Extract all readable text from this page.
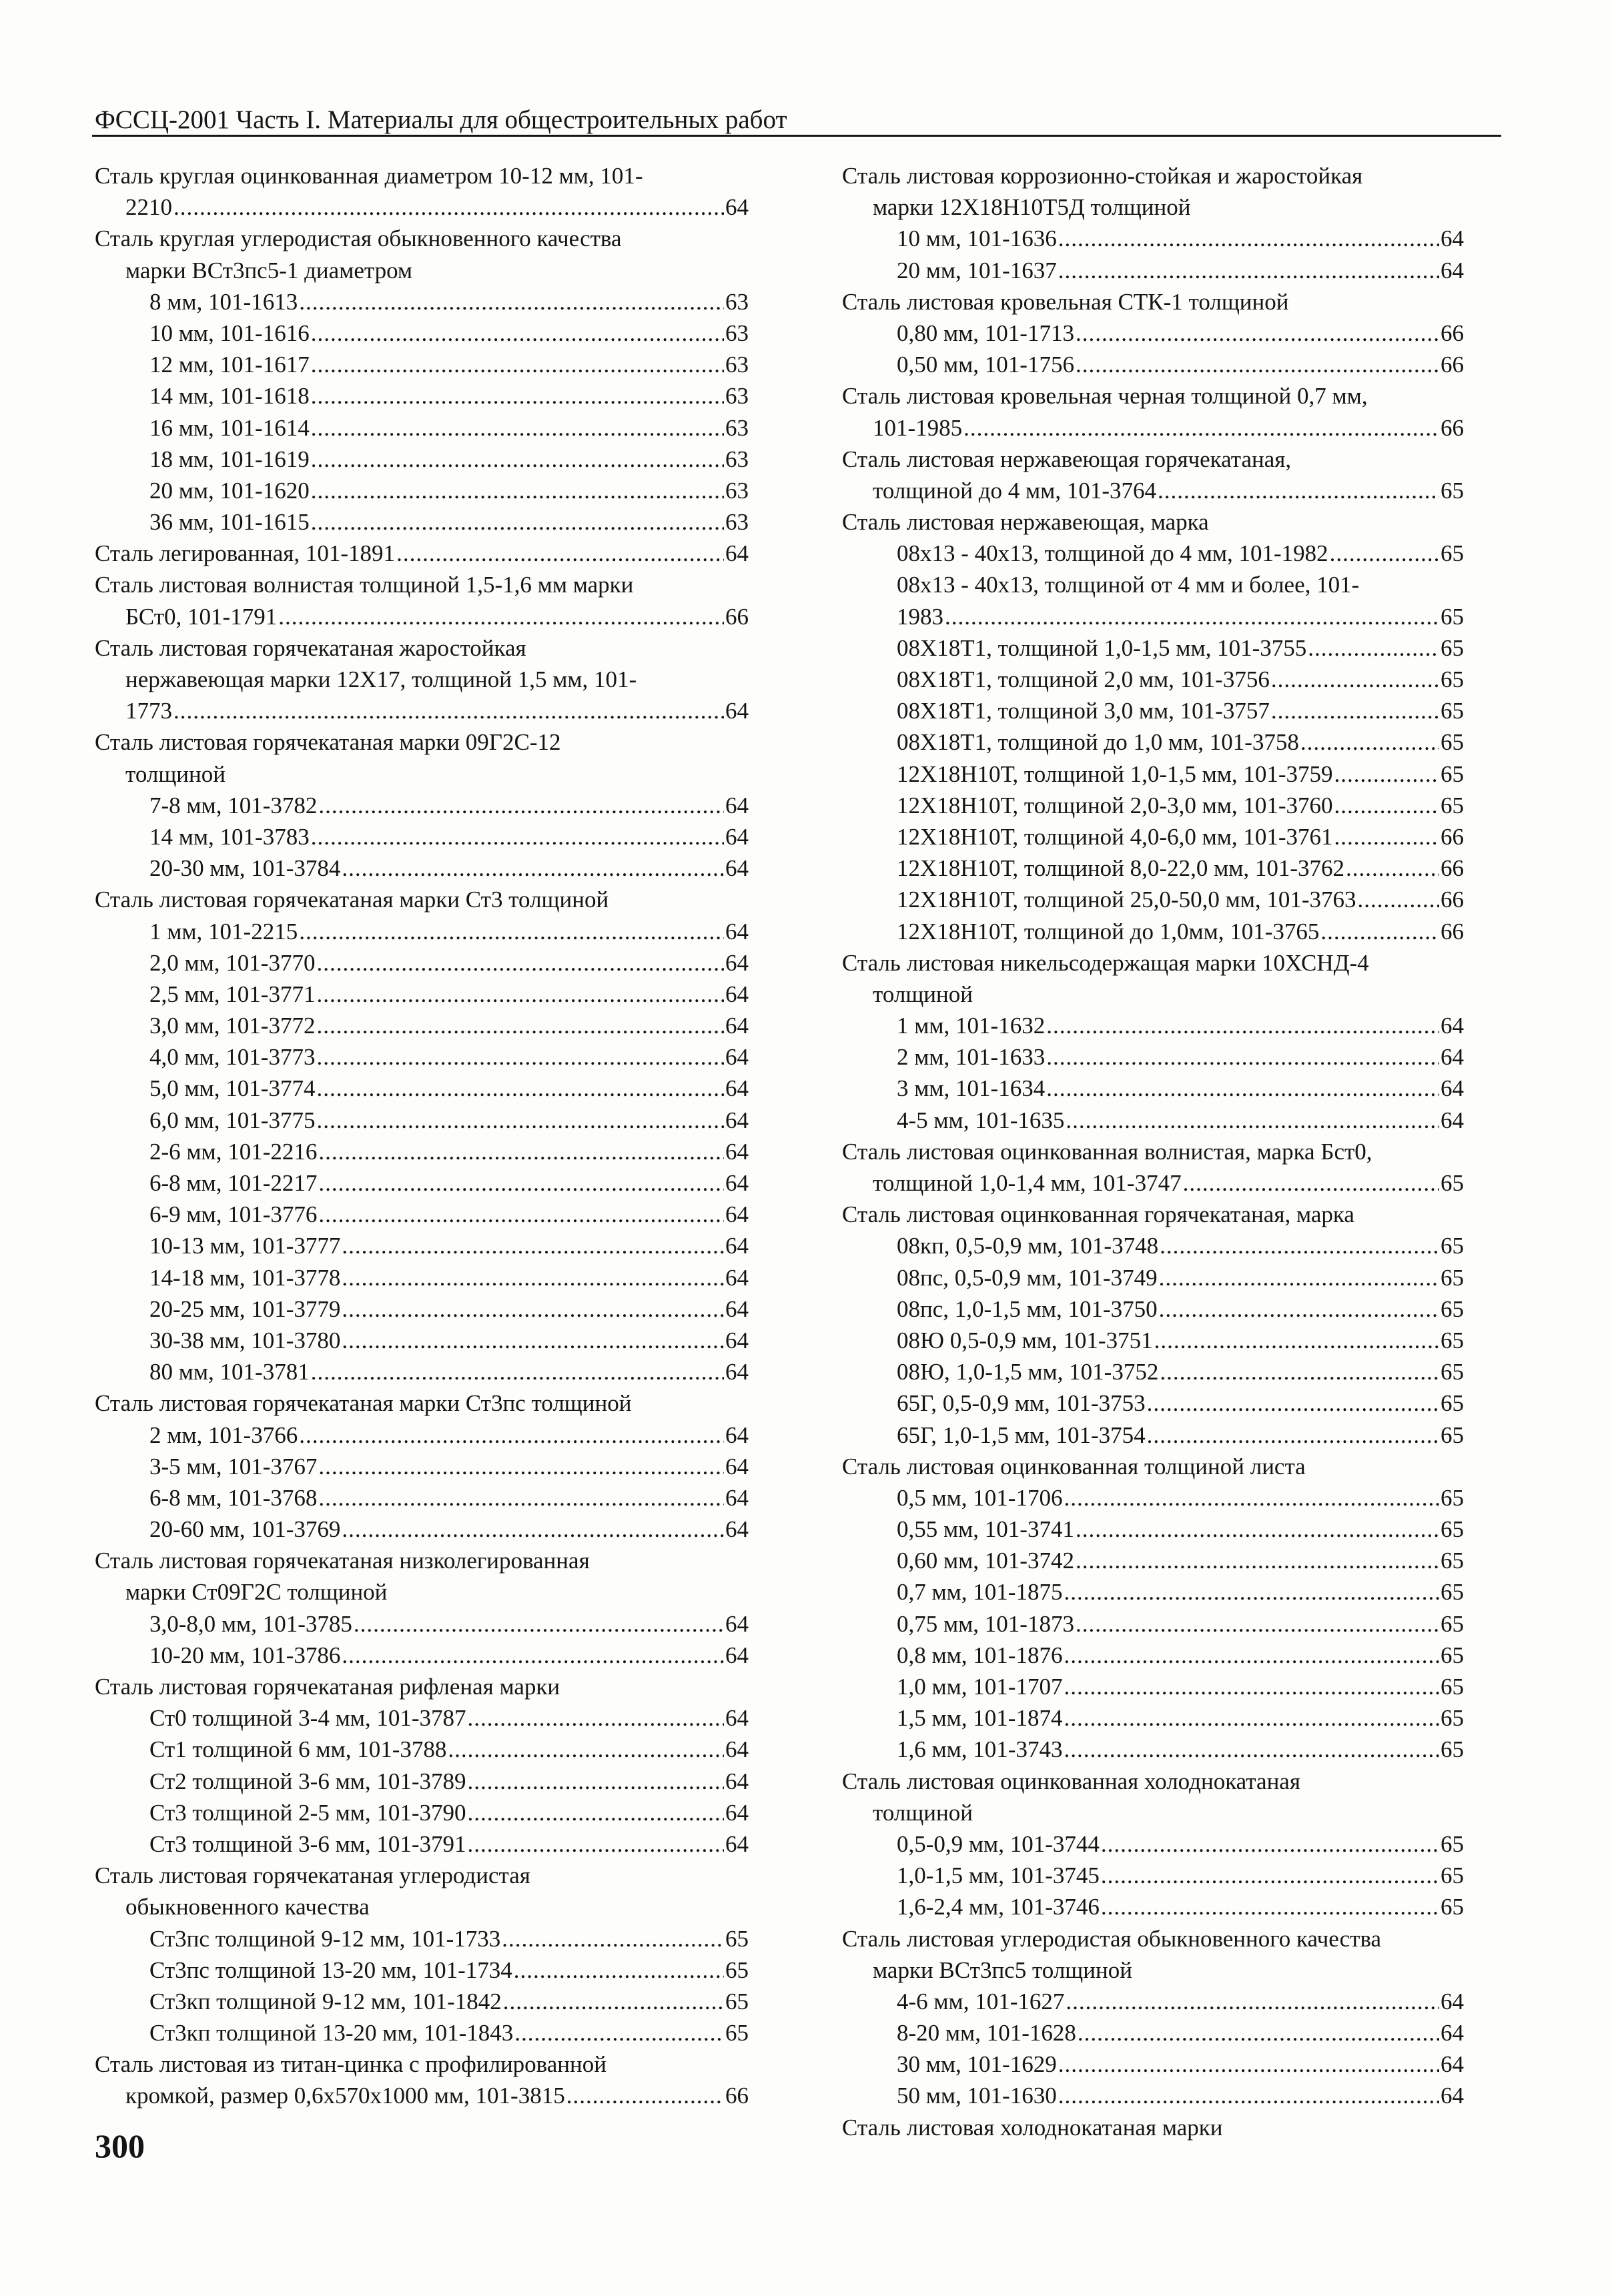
ФССЦ-2001 Часть I. Материалы для общестроительных работ
Сталь круглая оцинкованная диаметром 10-12 мм, 101-
2210 .....	64
Сталь круглая углеродистая обыкновенного качества
марки ВСт3пс5-1 диаметром
8 мм, 101-1613 .....	63
10 мм, 101-1616 .....	63
12 мм, 101-1617 .....	63
14 мм, 101-1618 .....	63
16 мм, 101-1614 .....	63
18 мм, 101-1619 .....	63
20 мм, 101-1620 .....	63
36 мм, 101-1615 .....	63
Сталь легированная, 101-1891 .....	64
Сталь листовая волнистая толщиной 1,5-1,6 мм марки
БСт0, 101-1791 .....	66
Сталь листовая горячекатаная жаростойкая
нержавеющая марки 12Х17, толщиной 1,5 мм, 101-
1773 .....	64
Сталь листовая горячекатаная марки 09Г2С-12
толщиной
7-8 мм, 101-3782 .....	64
14 мм, 101-3783 .....	64
20-30 мм, 101-3784 .....	64
Сталь листовая горячекатаная марки Ст3 толщиной
1 мм, 101-2215 .....	64
2,0 мм, 101-3770 .....	64
2,5 мм, 101-3771 .....	64
3,0 мм, 101-3772 .....	64
4,0 мм, 101-3773 .....	64
5,0 мм, 101-3774 .....	64
6,0 мм, 101-3775 .....	64
2-6 мм, 101-2216 .....	64
6-8 мм, 101-2217 .....	64
6-9 мм, 101-3776 .....	64
10-13 мм, 101-3777 .....	64
14-18 мм, 101-3778 .....	64
20-25 мм, 101-3779 .....	64
30-38 мм, 101-3780 .....	64
80 мм, 101-3781 .....	64
Сталь листовая горячекатаная марки Ст3пс толщиной
2 мм, 101-3766 .....	64
3-5 мм, 101-3767 .....	64
6-8 мм, 101-3768 .....	64
20-60 мм, 101-3769 .....	64
Сталь листовая горячекатаная низколегированная
марки Ст09Г2С толщиной
3,0-8,0 мм, 101-3785 .....	64
10-20 мм, 101-3786 .....	64
Сталь листовая горячекатаная рифленая марки
Ст0 толщиной 3-4 мм, 101-3787 .....	64
Ст1 толщиной 6 мм, 101-3788 .....	64
Ст2 толщиной 3-6 мм, 101-3789 .....	64
Ст3 толщиной 2-5 мм, 101-3790 .....	64
Ст3 толщиной 3-6 мм, 101-3791 .....	64
Сталь листовая горячекатаная углеродистая
обыкновенного качества
Ст3пс толщиной 9-12 мм, 101-1733 .....	65
Ст3пс толщиной 13-20 мм, 101-1734 .....	65
Ст3кп толщиной 9-12 мм, 101-1842 .....	65
Ст3кп толщиной 13-20 мм, 101-1843 .....	65
Сталь листовая из титан-цинка с профилированной
кромкой, размер 0,6х570х1000 мм, 101-3815 .....	66
Сталь листовая коррозионно-стойкая и жаростойкая
марки 12Х18Н10Т5Д толщиной
10 мм, 101-1636 .....	64
20 мм, 101-1637 .....	64
Сталь листовая кровельная СТК-1 толщиной
0,80 мм, 101-1713 .....	66
0,50 мм, 101-1756 .....	66
Сталь листовая кровельная черная толщиной 0,7 мм,
101-1985 .....	66
Сталь листовая нержавеющая горячекатаная,
толщиной до 4 мм, 101-3764 .....	65
Сталь листовая нержавеющая, марка
08х13 - 40х13, толщиной до 4 мм, 101-1982 .....	65
08х13 - 40х13, толщиной от 4 мм и более, 101-
1983 .....	65
08Х18Т1, толщиной 1,0-1,5 мм, 101-3755 .....	65
08Х18Т1, толщиной 2,0 мм, 101-3756 .....	65
08Х18Т1, толщиной 3,0 мм, 101-3757 .....	65
08Х18Т1, толщиной до 1,0 мм, 101-3758 .....	65
12Х18Н10Т, толщиной 1,0-1,5 мм, 101-3759 .....	65
12Х18Н10Т, толщиной 2,0-3,0 мм, 101-3760 .....	65
12Х18Н10Т, толщиной 4,0-6,0 мм, 101-3761 .....	66
12Х18Н10Т, толщиной 8,0-22,0 мм, 101-3762 .....	66
12Х18Н10Т, толщиной 25,0-50,0 мм, 101-3763 .....	66
12Х18Н10Т, толщиной до 1,0мм, 101-3765 .....	66
Сталь листовая никельсодержащая марки 10ХСНД-4
толщиной
1 мм, 101-1632 .....	64
2 мм, 101-1633 .....	64
3 мм, 101-1634 .....	64
4-5 мм, 101-1635 .....	64
Сталь листовая оцинкованная волнистая, марка Бст0,
толщиной 1,0-1,4 мм, 101-3747 .....	65
Сталь листовая оцинкованная горячекатаная, марка
08кп, 0,5-0,9 мм, 101-3748 .....	65
08пс, 0,5-0,9 мм, 101-3749 .....	65
08пс, 1,0-1,5 мм, 101-3750 .....	65
08Ю 0,5-0,9 мм, 101-3751 .....	65
08Ю, 1,0-1,5 мм, 101-3752 .....	65
65Г, 0,5-0,9 мм, 101-3753 .....	65
65Г, 1,0-1,5 мм, 101-3754 .....	65
Сталь листовая оцинкованная толщиной листа
0,5 мм, 101-1706 .....	65
0,55 мм, 101-3741 .....	65
0,60 мм, 101-3742 .....	65
0,7 мм, 101-1875 .....	65
0,75 мм, 101-1873 .....	65
0,8 мм, 101-1876 .....	65
1,0 мм, 101-1707 .....	65
1,5 мм, 101-1874 .....	65
1,6 мм, 101-3743 .....	65
Сталь листовая оцинкованная холоднокатаная
толщиной
0,5-0,9 мм, 101-3744 .....	65
1,0-1,5 мм, 101-3745 .....	65
1,6-2,4 мм, 101-3746 .....	65
Сталь листовая углеродистая обыкновенного качества
марки ВСт3пс5 толщиной
4-6 мм, 101-1627 .....	64
8-20 мм, 101-1628 .....	64
30 мм, 101-1629 .....	64
50 мм, 101-1630 .....	64
Сталь листовая холоднокатаная марки
300
